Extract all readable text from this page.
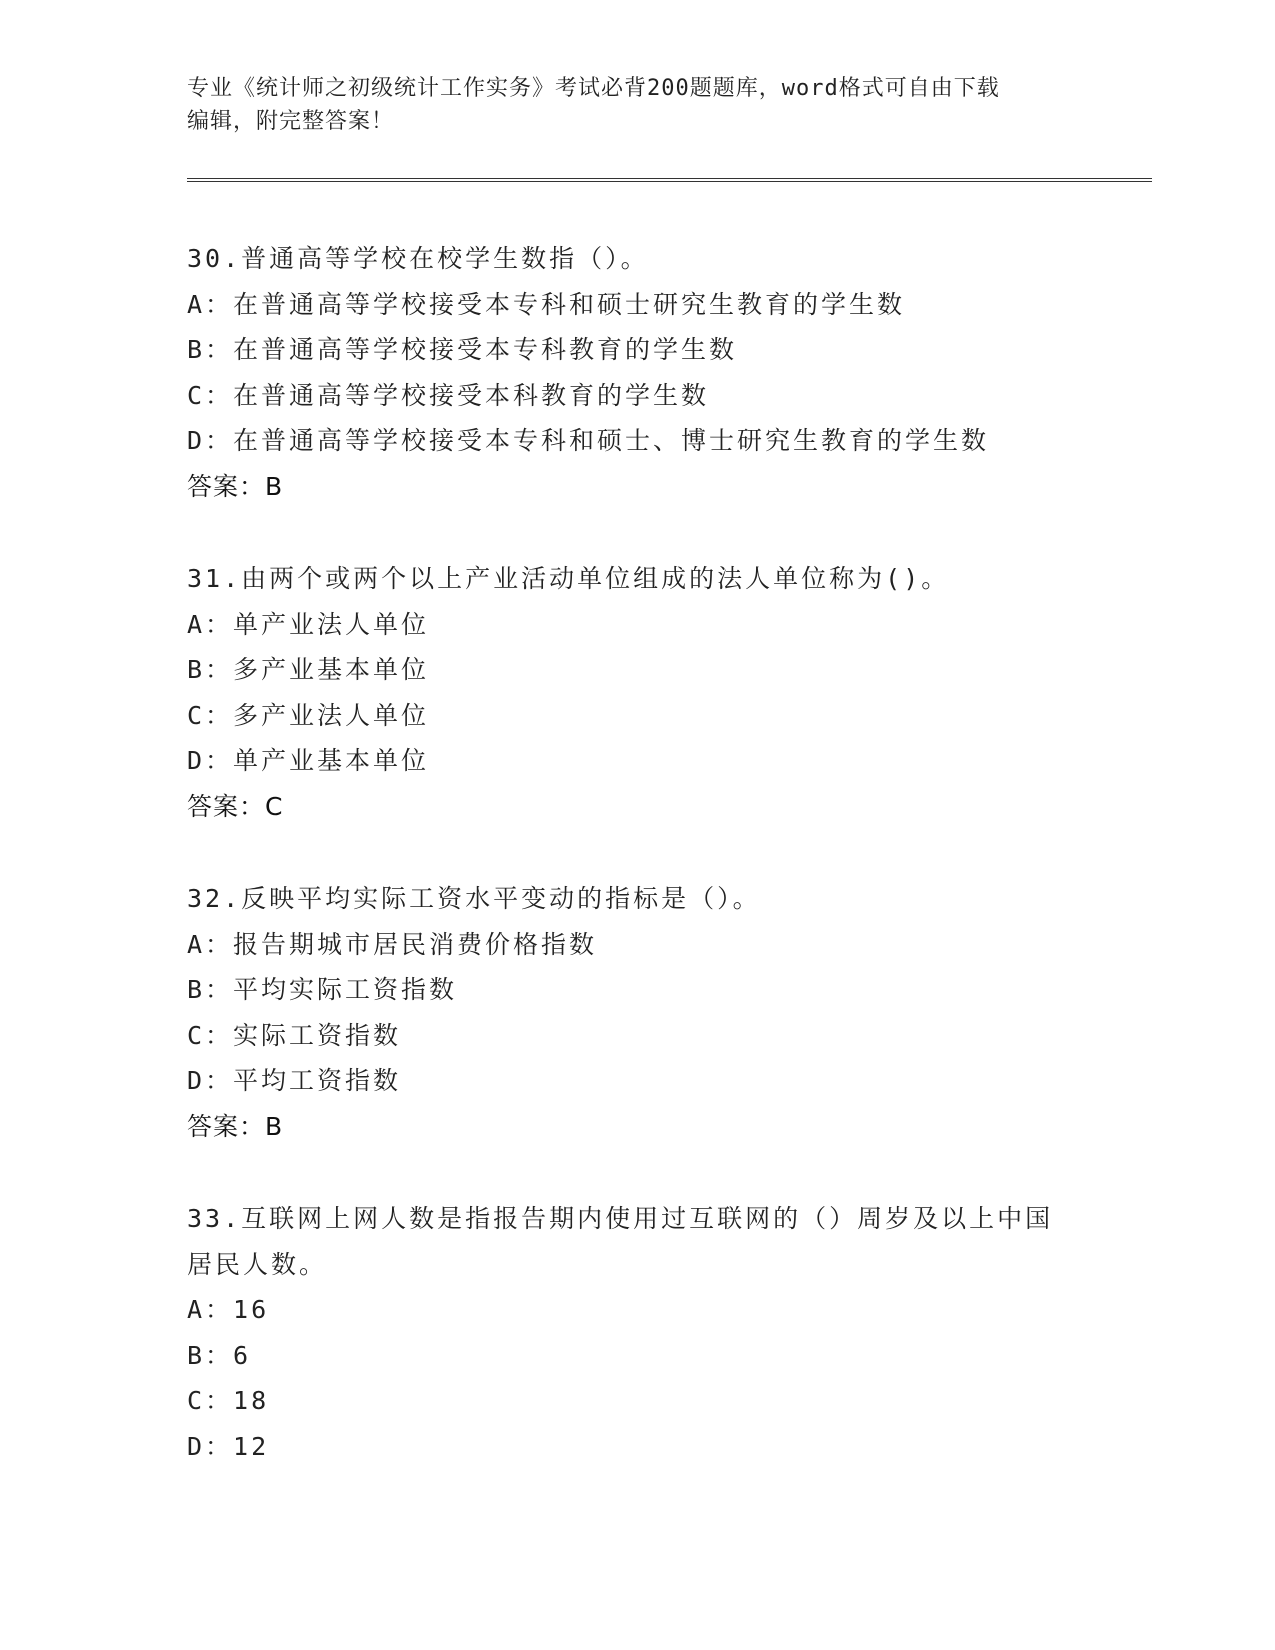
专业《统计师之初级统计工作实务》考试必背200题题库，word格式可自由下载
编辑，附完整答案！
30.普通高等学校在校学生数指（）。
A：在普通高等学校接受本专科和硕士研究生教育的学生数
B：在普通高等学校接受本专科教育的学生数
C：在普通高等学校接受本科教育的学生数
D：在普通高等学校接受本专科和硕士、博士研究生教育的学生数
答案：B
31.由两个或两个以上产业活动单位组成的法人单位称为()。
A：单产业法人单位
B：多产业基本单位
C：多产业法人单位
D：单产业基本单位
答案：C
32.反映平均实际工资水平变动的指标是（）。
A：报告期城市居民消费价格指数
B：平均实际工资指数
C：实际工资指数
D：平均工资指数
答案：B
33.互联网上网人数是指报告期内使用过互联网的（）周岁及以上中国居民人数。
A：16
B：6
C：18
D：12
